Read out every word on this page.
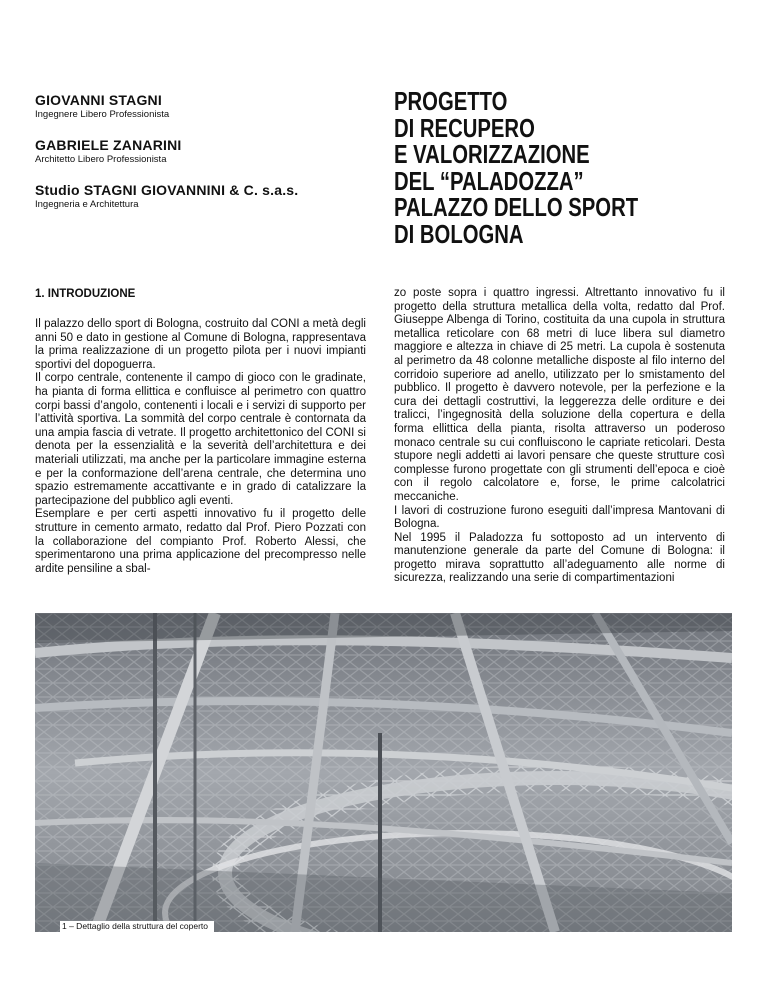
GIOVANNI STAGNI
Ingegnere Libero Professionista
GABRIELE ZANARINI
Architetto Libero Professionista
Studio STAGNI GIOVANNINI & C. s.a.s.
Ingegneria e Architettura
PROGETTO
DI RECUPERO
E VALORIZZAZIONE
DEL “PALADOZZA”
PALAZZO DELLO SPORT
DI BOLOGNA
1. INTRODUZIONE

Il palazzo dello sport di Bologna, costruito dal CONI a metà degli anni 50 e dato in gestione al Comune di Bologna, rappresentava la prima realizzazione di un progetto pilota per i nuovi impianti sportivi del dopoguerra.

Il corpo centrale, contenente il campo di gioco con le gradinate, ha pianta di forma ellittica e confluisce al perimetro con quattro corpi bassi d’angolo, contenenti i locali e i servizi di supporto per l’attività sportiva. La sommità del corpo centrale è contornata da una ampia fascia di vetrate. Il progetto architettonico del CONI si denota per la essenzialità e la severità dell’architettura e dei materiali utilizzati, ma anche per la particolare immagine esterna e per la conformazione dell’arena centrale, che determina uno spazio estremamente accattivante e in grado di catalizzare la partecipazione del pubblico agli eventi.

Esemplare e per certi aspetti innovativo fu il progetto delle strutture in cemento armato, redatto dal Prof. Piero Pozzati con la collaborazione del compianto Prof. Roberto Alessi, che sperimentarono una prima applicazione del precompresso nelle ardite pensiline a sbal-

zo poste sopra i quattro ingressi. Altrettanto innovativo fu il progetto della struttura metallica della volta, redatto dal Prof. Giuseppe Albenga di Torino, costituita da una cupola in struttura metallica reticolare con 68 metri di luce libera sul diametro maggiore e altezza in chiave di 25 metri. La cupola è sostenuta al perimetro da 48 colonne metalliche disposte al filo interno del corridoio superiore ad anello, utilizzato per lo smistamento del pubblico. Il progetto è davvero notevole, per la perfezione e la cura dei dettagli costruttivi, la leggerezza delle orditure e dei tralicci, l’ingegnosità della soluzione della copertura e della forma ellittica della pianta, risolta attraverso un poderoso monaco centrale su cui confluiscono le capriate reticolari. Desta stupore negli addetti ai lavori pensare che queste strutture così complesse furono progettate con gli strumenti dell’epoca e cioè con il regolo calcolatore e, forse, le prime calcolatrici meccaniche.

I lavori di costruzione furono eseguiti dall’impresa Mantovani di Bologna.

Nel 1995 il Paladozza fu sottoposto ad un intervento di manutenzione generale da parte del Comune di Bologna: il progetto mirava soprattutto all’adeguamento alle norme di sicurezza, realizzando una serie di compartimentazioni

1 – Dettaglio della struttura del coperto
